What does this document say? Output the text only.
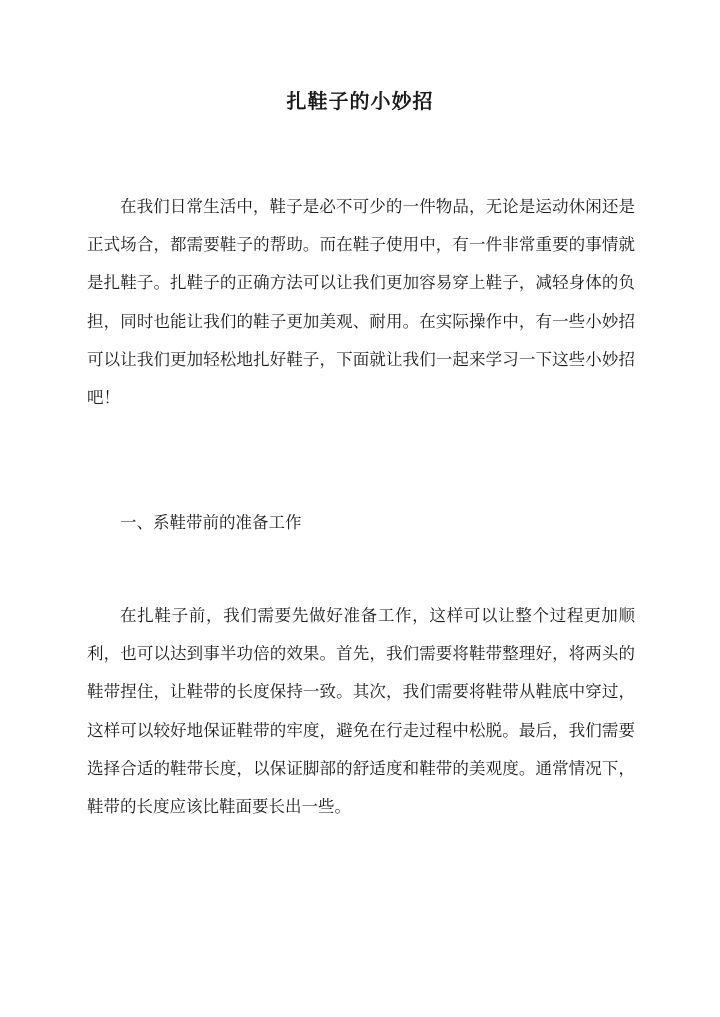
扎鞋子的小妙招

在我们日常生活中，鞋子是必不可少的一件物品，无论是运动休闲还是正式场合，都需要鞋子的帮助。而在鞋子使用中，有一件非常重要的事情就是扎鞋子。扎鞋子的正确方法可以让我们更加容易穿上鞋子，减轻身体的负担，同时也能让我们的鞋子更加美观、耐用。在实际操作中，有一些小妙招可以让我们更加轻松地扎好鞋子，下面就让我们一起来学习一下这些小妙招吧！

一、系鞋带前的准备工作

在扎鞋子前，我们需要先做好准备工作，这样可以让整个过程更加顺利，也可以达到事半功倍的效果。首先，我们需要将鞋带整理好，将两头的鞋带捏住，让鞋带的长度保持一致。其次，我们需要将鞋带从鞋底中穿过，这样可以较好地保证鞋带的牢度，避免在行走过程中松脱。最后，我们需要选择合适的鞋带长度，以保证脚部的舒适度和鞋带的美观度。通常情况下，鞋带的长度应该比鞋面要长出一些。
